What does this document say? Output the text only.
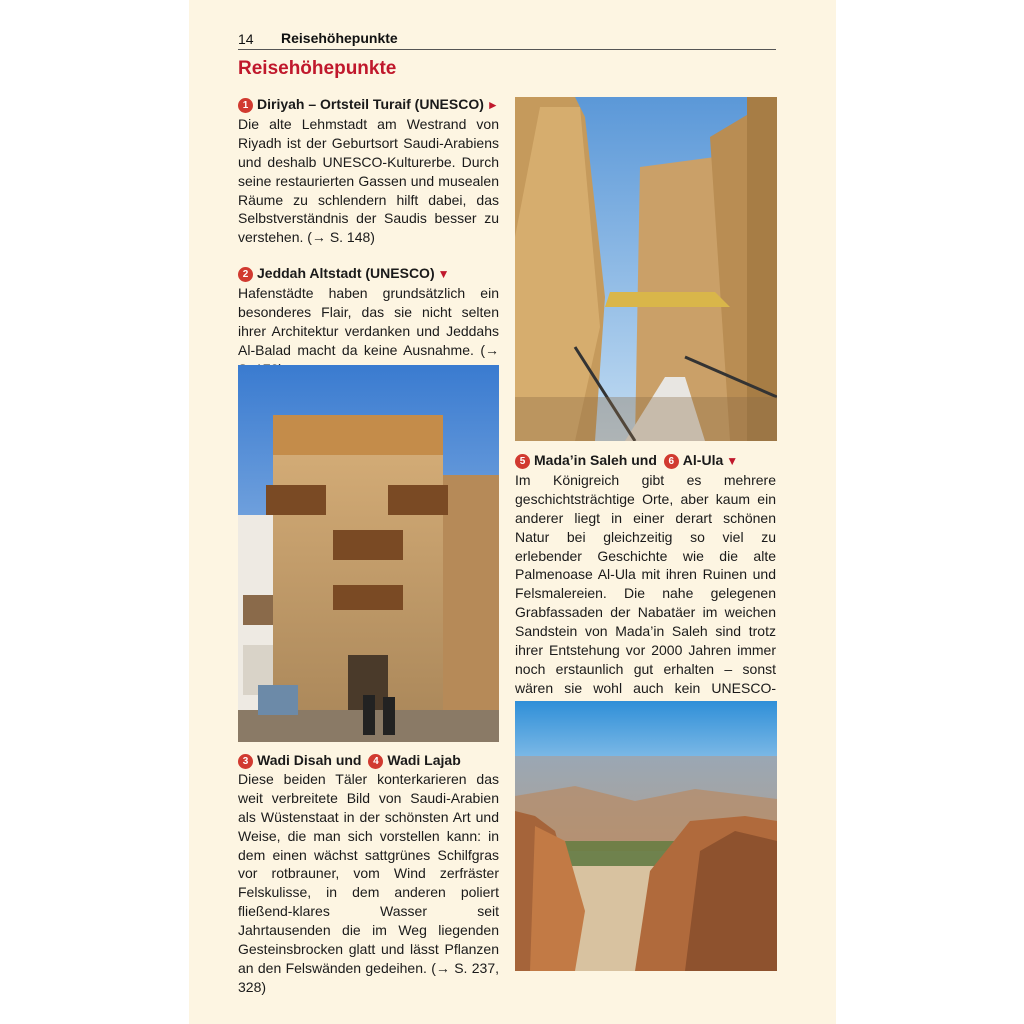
14 Reisehöhepunkte
Reisehöhepunkte
1 Diriyah – Ortsteil Turaif (UNESCO) ►
Die alte Lehmstadt am Westrand von Riyadh ist der Geburtsort Saudi-Arabiens und deshalb UNESCO-Kulturerbe. Durch seine restaurierten Gassen und musealen Räume zu schlendern hilft dabei, das Selbstverständnis der Saudis besser zu verstehen. (→ S. 148)
2 Jeddah Altstadt (UNESCO) ▼
Hafenstädte haben grundsätzlich ein besonderes Flair, das sie nicht selten ihrer Architektur verdanken und Jeddahs Al-Balad macht da keine Ausnahme. (→
3 Wadi Disah und 4 Wadi Lajab
Diese beiden Täler konterkarieren das weit verbreitete Bild von Saudi-Arabien als Wüstenstaat in der schönsten Art und Weise, die man sich vorstellen kann: in dem einen wächst sattgrünes Schilfgras vor rotbrauner, vom Wind zerfräster Felskulisse, in dem anderen poliert fließend-klares Wasser seit Jahrtausenden die im Weg liegenden Gesteinsbrocken glatt und lässt Pflanzen an den Felswänden gedeihen. (→ S. 237, 328)
5 Mada’in Saleh und 6 Al-Ula ▼
Im Königreich gibt es mehrere geschichtsträchtige Orte, aber kaum ein anderer liegt in einer derart schönen Natur bei gleichzeitig so viel zu erlebender Geschichte wie die alte Palmenoase Al-Ula mit ihren Ruinen und Felsmalereien. Die nahe gelegenen Grabfassaden der Nabatäer im weichen Sandstein von Mada’in Saleh sind trotz ihrer Entstehung vor 2000 Jahren immer noch erstaunlich gut erhalten – sonst wären sie wohl auch kein UNESCO-
